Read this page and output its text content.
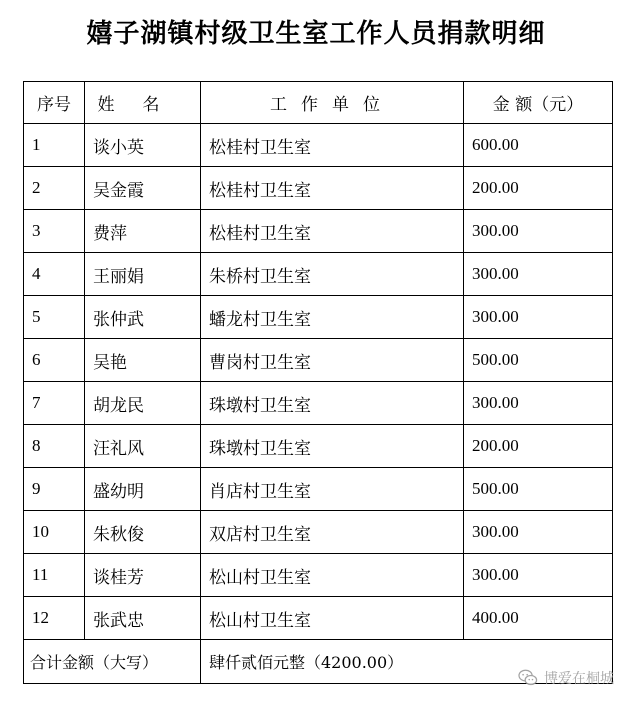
嬉子湖镇村级卫生室工作人员捐款明细
序号	姓名	工作单位	金 额（元）
1	谈小英	松桂村卫生室	600.00
2	吴金霞	松桂村卫生室	200.00
3	费萍	松桂村卫生室	300.00
4	王丽娟	朱桥村卫生室	300.00
5	张仲武	蟠龙村卫生室	300.00
6	吴艳	曹岗村卫生室	500.00
7	胡龙民	珠墩村卫生室	300.00
8	汪礼风	珠墩村卫生室	200.00
9	盛幼明	肖店村卫生室	500.00
10	朱秋俊	双店村卫生室	300.00
11	谈桂芳	松山村卫生室	300.00
12	张武忠	松山村卫生室	400.00
合计金额（大写）		肆仟贰佰元整（4200.00）	
博爱在桐城
